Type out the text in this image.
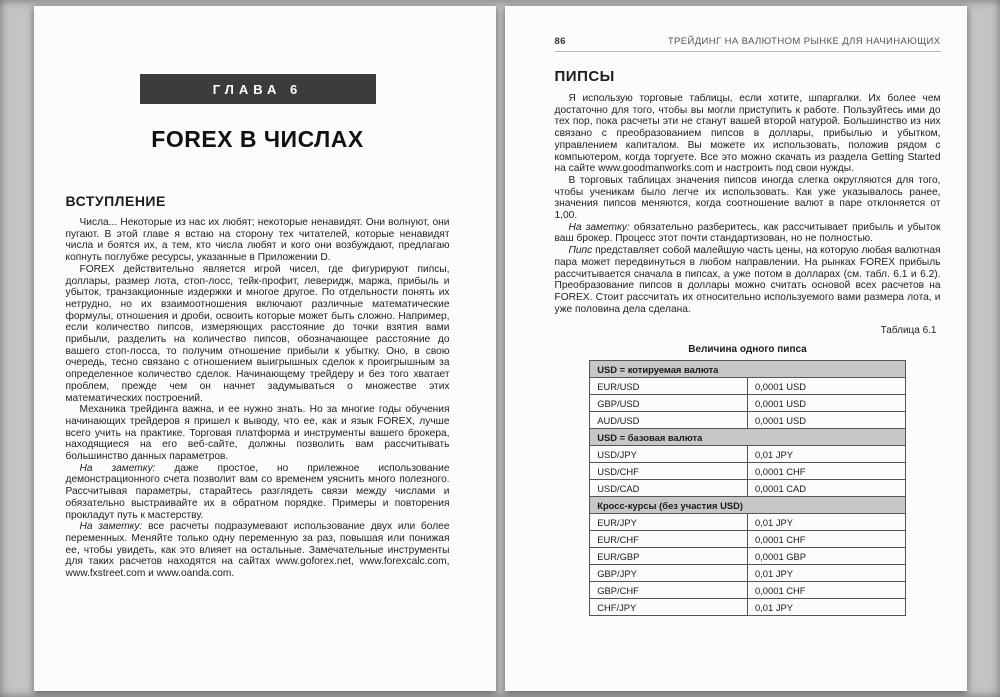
ГЛАВА 6
FOREX В ЧИСЛАХ
ВСТУПЛЕНИЕ

Числа... Некоторые из нас их любят; некоторые ненавидят. Они волнуют, они пугают. В этой главе я встаю на сторону тех читателей, которые ненавидят числа и боятся их, а тем, кто числа любят и кого они возбуждают, предлагаю копнуть поглубже ресурсы, указанные в Приложении D.

FOREX действительно является игрой чисел, где фигурируют пипсы, доллары, размер лота, стоп-лосс, тейк-профит, леверидж, маржа, прибыль и убыток, транзакционные издержки и многое другое. По отдельности понять их нетрудно, но их взаимоотношения включают различные математические формулы, отношения и дроби, освоить которые может быть сложно. Например, если количество пипсов, измеряющих расстояние до точки взятия вами прибыли, разделить на количество пипсов, обозначающее расстояние до вашего стоп-лосса, то получим отношение прибыли к убытку. Оно, в свою очередь, тесно связано с отношением выигрышных сделок к проигрышным за определенное количество сделок. Начинающему трейдеру и без того хватает проблем, прежде чем он начнет задумываться о множестве этих математических построений.

Механика трейдинга важна, и ее нужно знать. Но за многие годы обучения начинающих трейдеров я пришел к выводу, что ее, как и язык FOREX, лучше всего учить на практике. Торговая платформа и инструменты вашего брокера, находящиеся на его веб-сайте, должны позволить вам рассчитывать большинство данных параметров.

На заметку: даже простое, но прилежное использование демонстрационного счета позволит вам со временем уяснить много полезного. Рассчитывая параметры, старайтесь разглядеть связи между числами и обязательно выстраивайте их в обратном порядке. Примеры и повторения прокладут путь к мастерству.

На заметку: все расчеты подразумевают использование двух или более переменных. Меняйте только одну переменную за раз, повышая или понижая ее, чтобы увидеть, как это влияет на остальные. Замечательные инструменты для таких расчетов находятся на сайтах www.goforex.net, www.forexcalc.com, www.fxstreet.com и www.oanda.com.

86	ТРЕЙДИНГ НА ВАЛЮТНОМ РЫНКЕ ДЛЯ НАЧИНАЮЩИХ
ПИПСЫ

Я использую торговые таблицы, если хотите, шпаргалки. Их более чем достаточно для того, чтобы вы могли приступить к работе. Пользуйтесь ими до тех пор, пока расчеты эти не станут вашей второй натурой. Большинство из них связано с преобразованием пипсов в доллары, прибылью и убытком, управлением капиталом. Вы можете их использовать, положив рядом с компьютером, когда торгуете. Все это можно скачать из раздела Getting Started на сайте www.goodmanworks.com и настроить под свои нужды.

В торговых таблицах значения пипсов иногда слегка округляются для того, чтобы ученикам было легче их использовать. Как уже указывалось ранее, значения пипсов меняются, когда соотношение валют в паре отклоняется от 1,00.

На заметку: обязательно разберитесь, как рассчитывает прибыль и убыток ваш брокер. Процесс этот почти стандартизован, но не полностью.

Пипс представляет собой малейшую часть цены, на которую любая валютная пара может передвинуться в любом направлении. На рынках FOREX прибыль рассчитывается сначала в пипсах, а уже потом в долларах (см. табл. 6.1 и 6.2). Преобразование пипсов в доллары можно считать основой всех расчетов на FOREX. Стоит рассчитать их относительно используемого вами размера лота, и уже половина дела сделана.

Таблица 6.1
Величина одного пипса
USD = котируемая валюта	
EUR/USD	0,0001 USD
GBP/USD	0,0001 USD
AUD/USD	0,0001 USD
USD = базовая валюта	
USD/JPY	0,01 JPY
USD/CHF	0,0001 CHF
USD/CAD	0,0001 CAD
Кросс-курсы (без участия USD)	
EUR/JPY	0,01 JPY
EUR/CHF	0,0001 CHF
EUR/GBP	0,0001 GBP
GBP/JPY	0,01 JPY
GBP/CHF	0,0001 CHF
CHF/JPY	0,01 JPY
